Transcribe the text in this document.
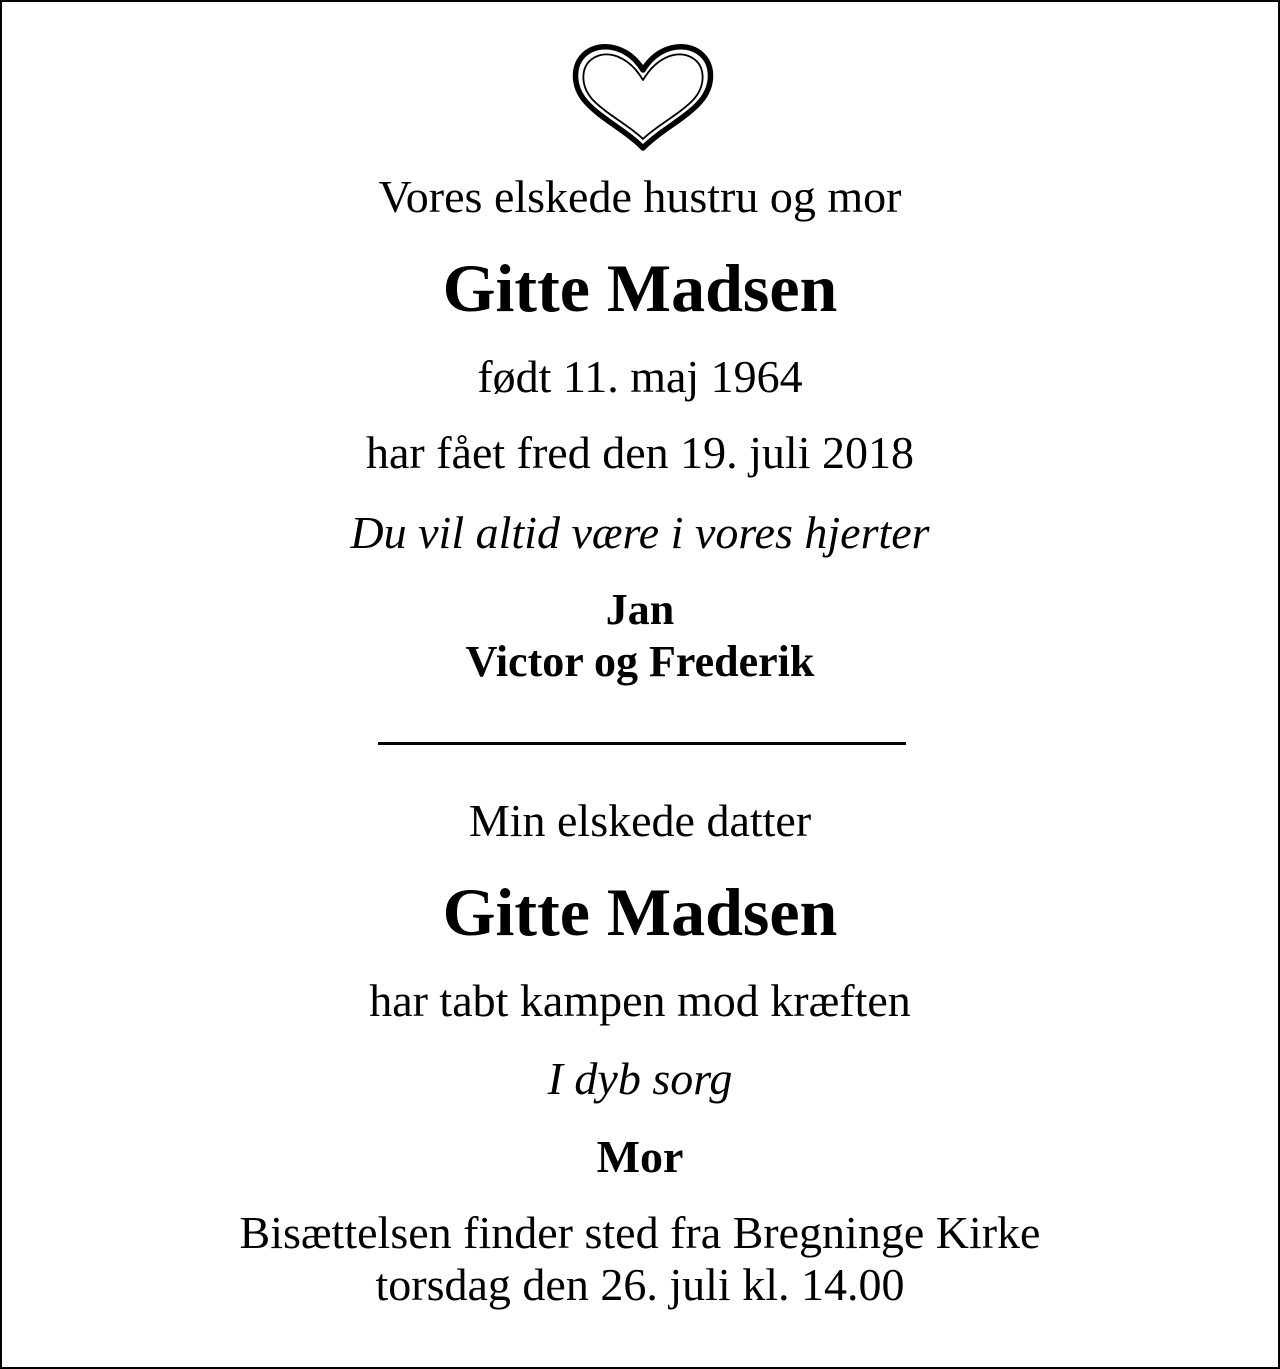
Vores elskede hustru og mor
Gitte Madsen
født 11. maj 1964
har fået fred den 19. juli 2018
Du vil altid være i vores hjerter
Jan
Victor og Frederik
Min elskede datter
Gitte Madsen
har tabt kampen mod kræften
I dyb sorg
Mor
Bisættelsen finder sted fra Bregninge Kirke
torsdag den 26. juli kl. 14.00
